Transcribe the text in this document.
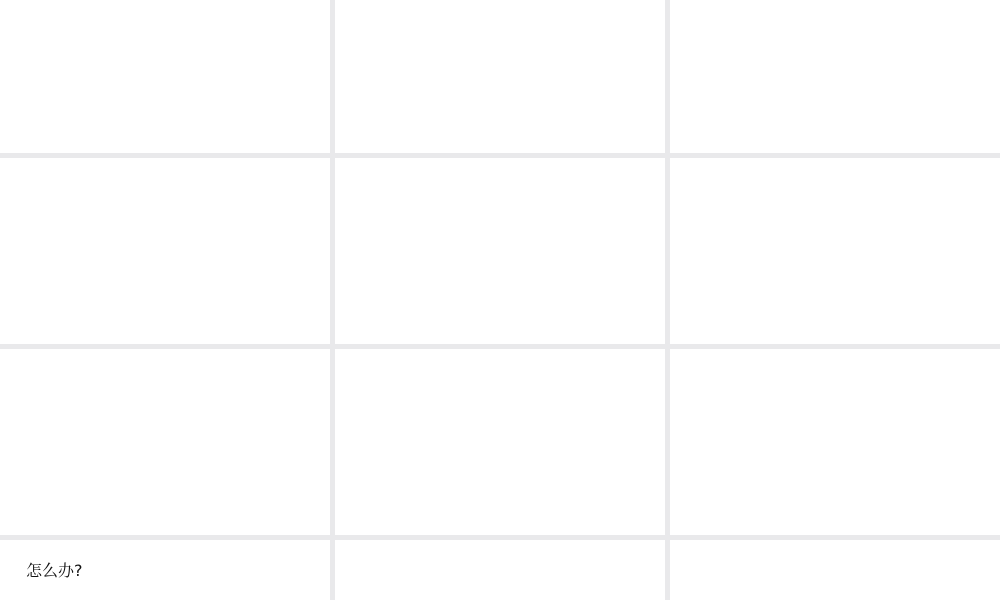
怎么办?
